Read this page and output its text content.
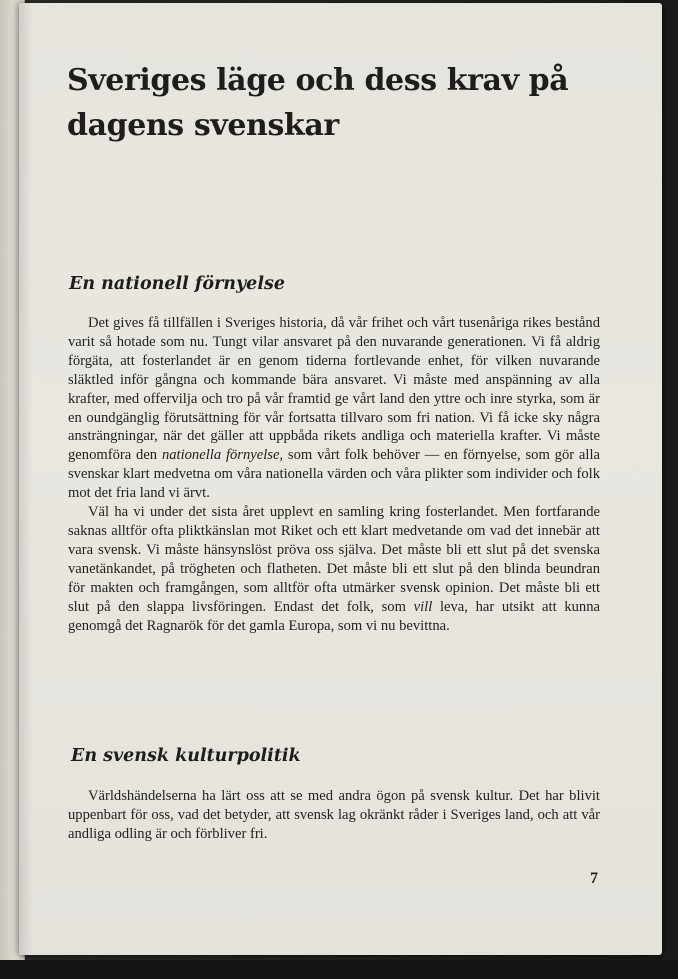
Sveriges läge och dess krav på dagens svenskar
En nationell förnyelse

Det gives få tillfällen i Sveriges historia, då vår frihet och vårt tusenåriga rikes bestånd varit så hotade som nu. Tungt vilar ansvaret på den nuvarande generationen. Vi få aldrig förgäta, att fosterlandet är en genom tiderna fortlevande enhet, för vilken nuvarande släktled inför gångna och kommande bära ansvaret. Vi måste med anspänning av alla krafter, med offervilja och tro på vår framtid ge vårt land den yttre och inre styrka, som är en oundgänglig förutsättning för vår fortsatta tillvaro som fri nation. Vi få icke sky några ansträngningar, när det gäller att uppbåda rikets andliga och materiella krafter. Vi måste genomföra den nationella förnyelse, som vårt folk behöver — en förnyelse, som gör alla svenskar klart medvetna om våra nationella värden och våra plikter som individer och folk mot det fria land vi ärvt.

Väl ha vi under det sista året upplevt en samling kring fosterlandet. Men fortfarande saknas alltför ofta pliktkänslan mot Riket och ett klart medvetande om vad det innebär att vara svensk. Vi måste hänsynslöst pröva oss själva. Det måste bli ett slut på det svenska vanetänkandet, på trögheten och flatheten. Det måste bli ett slut på den blinda beundran för makten och framgången, som alltför ofta utmärker svensk opinion. Det måste bli ett slut på den slappa livsföringen. Endast det folk, som vill leva, har utsikt att kunna genomgå det Ragnarök för det gamla Europa, som vi nu bevittna.

En svensk kulturpolitik

Världshändelserna ha lärt oss att se med andra ögon på svensk kultur. Det har blivit uppenbart för oss, vad det betyder, att svensk lag okränkt råder i Sveriges land, och att vår andliga odling är och förbliver fri.

7
